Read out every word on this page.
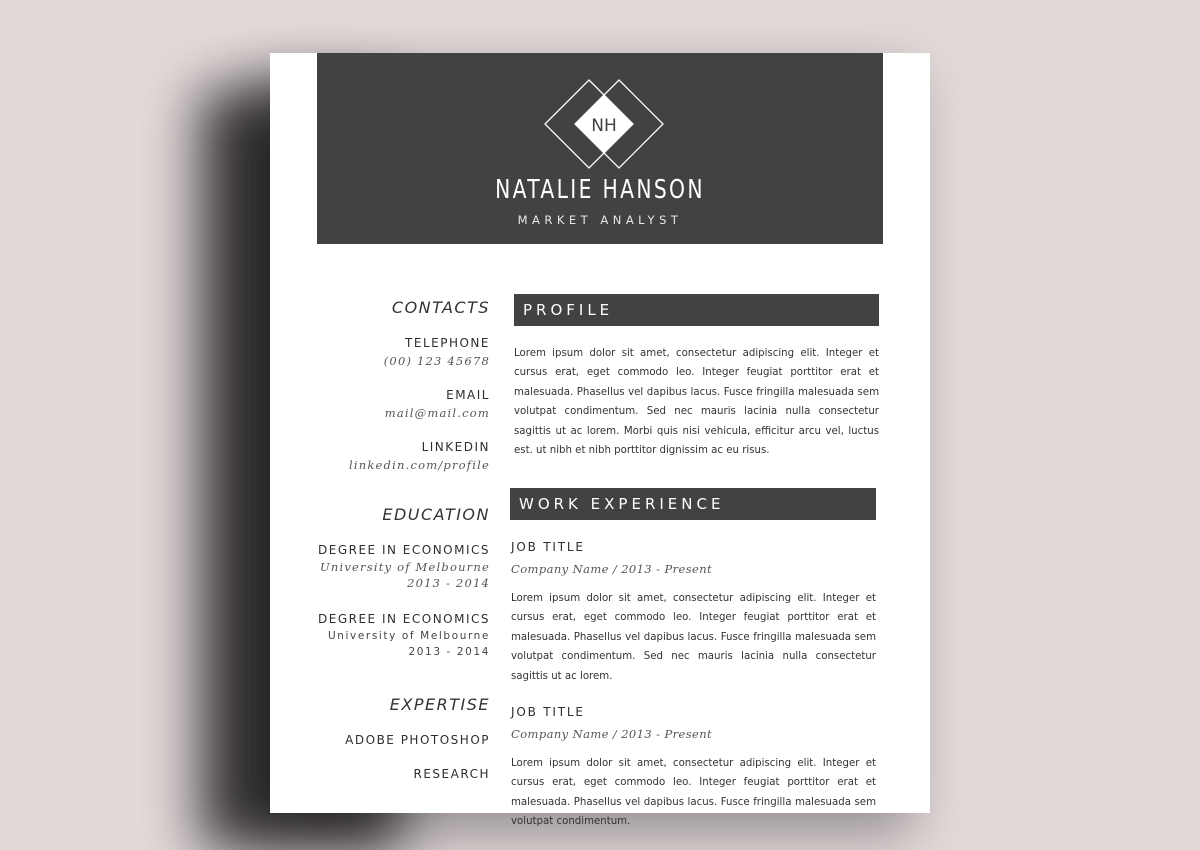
NH
NATALIE HANSON
MARKET ANALYST
CONTACTS
TELEPHONE
(00) 123 45678
EMAIL
mail@mail.com
LINKEDIN
linkedin.com/profile
EDUCATION
DEGREE IN ECONOMICS
University of Melbourne
2013 - 2014
DEGREE IN ECONOMICS
University of Melbourne
2013 - 2014
EXPERTISE
ADOBE PHOTOSHOP
RESEARCH
PROFILE
Lorem ipsum dolor sit amet, consectetur adipiscing elit. Integer et cursus erat, eget commodo leo. Integer feugiat porttitor erat et malesuada. Phasellus vel dapibus lacus. Fusce fringilla malesuada sem volutpat condimentum. Sed nec mauris lacinia nulla consectetur sagittis ut ac lorem. Morbi quis nisi vehicula, efficitur arcu vel, luctus est. ut nibh et nibh porttitor dignissim ac eu risus.
WORK EXPERIENCE
JOB TITLE
Company Name / 2013 - Present
Lorem ipsum dolor sit amet, consectetur adipiscing elit. Integer et cursus erat, eget commodo leo. Integer feugiat porttitor erat et malesuada. Phasellus vel dapibus lacus. Fusce fringilla malesuada sem volutpat condimentum. Sed nec mauris lacinia nulla consectetur sagittis ut ac lorem.
JOB TITLE
Company Name / 2013 - Present
Lorem ipsum dolor sit amet, consectetur adipiscing elit. Integer et cursus erat, eget commodo leo. Integer feugiat porttitor erat et malesuada. Phasellus vel dapibus lacus. Fusce fringilla malesuada sem volutpat condimentum.
